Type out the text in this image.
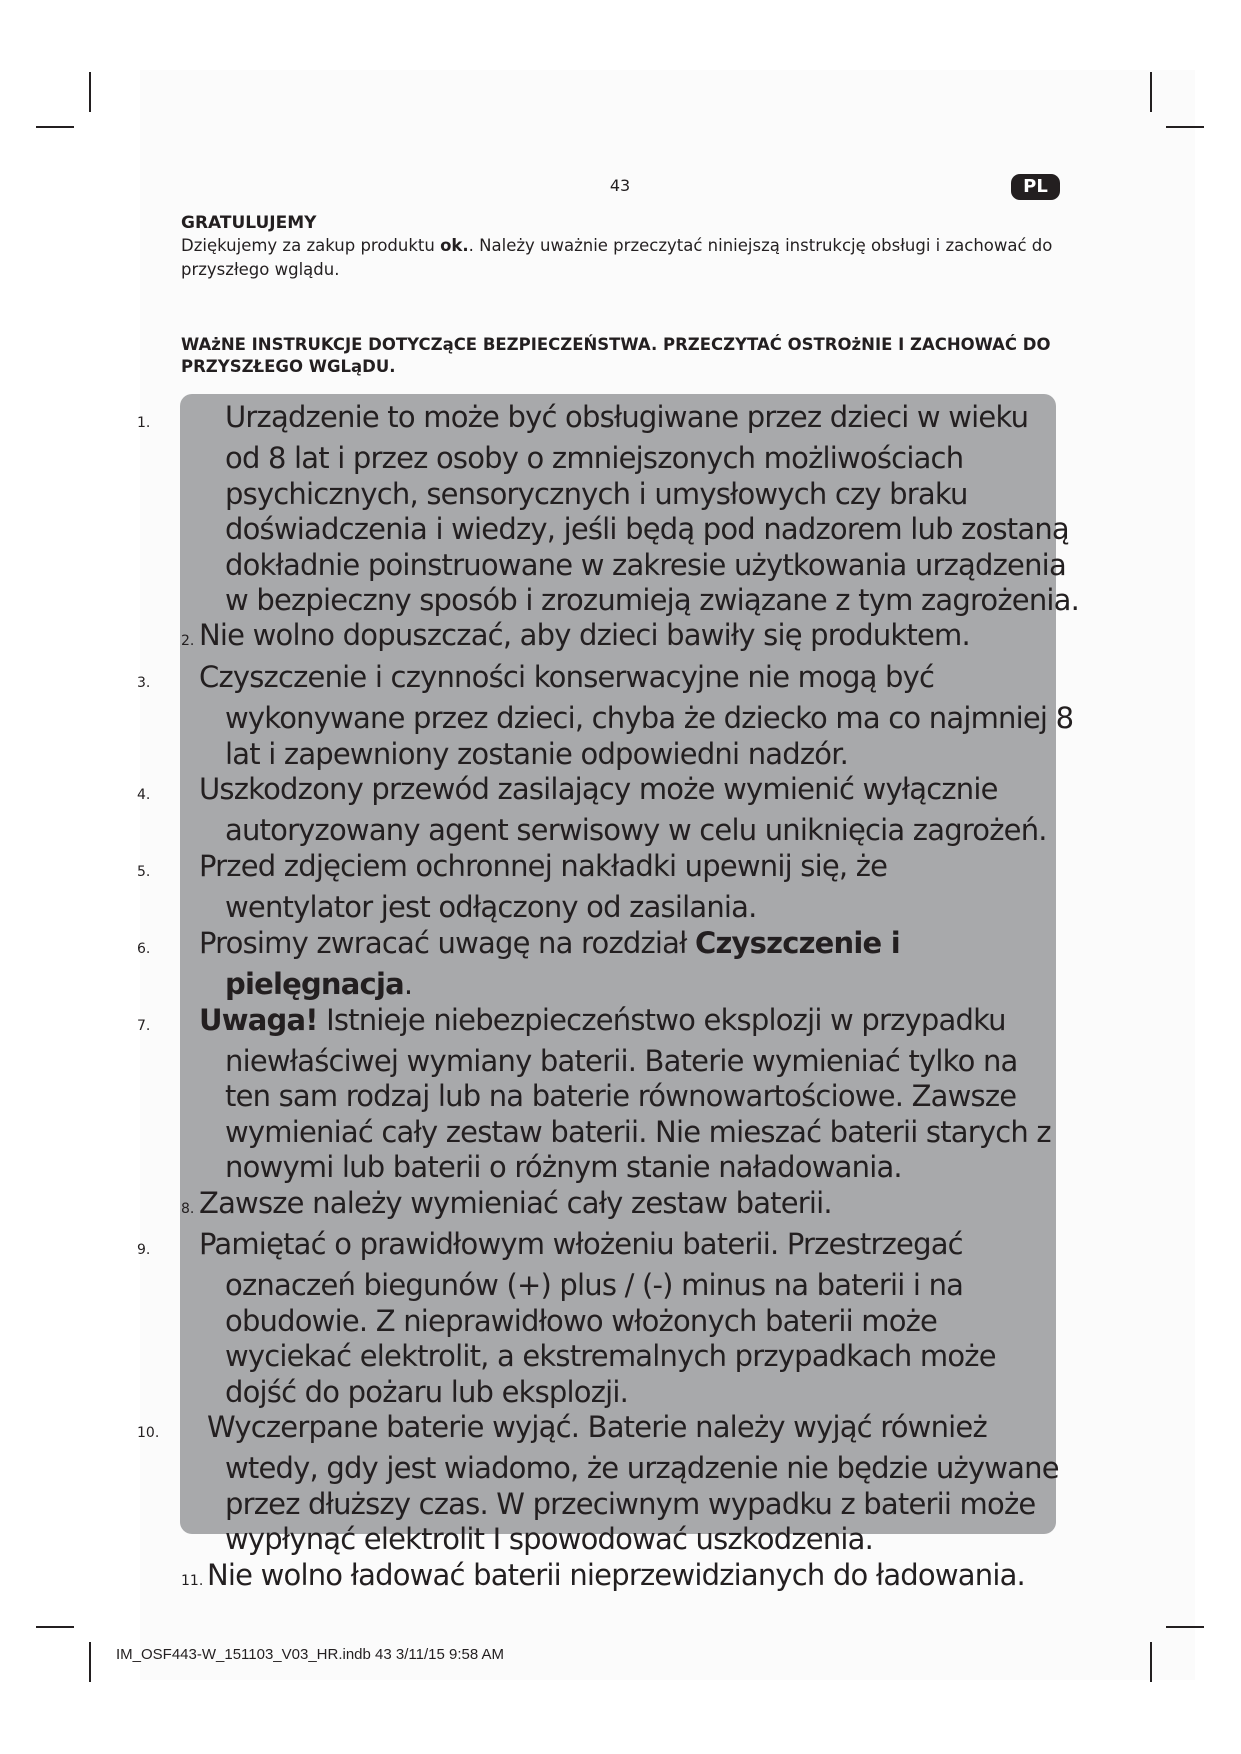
43	PL
GRATULUJEMY
Dziękujemy za zakup produktu ok.. Należy uważnie przeczytać niniejszą instrukcję obsługi i zachować do przyszłego wglądu.
WAżNE INSTRUKCJE DOTYCZąCE BEZPIECZEŃSTWA. PRZECZYTAĆ OSTROżNIE I ZACHOWAĆ DO PRZYSZŁEGO WGLąDU.
1.	Urządzenie to może być obsługiwane przez dzieci w wieku
od 8 lat i przez osoby o zmniejszonych możliwościach
psychicznych, sensorycznych i umysłowych czy braku
doświadczenia i wiedzy, jeśli będą pod nadzorem lub zostaną
dokładnie poinstruowane w zakresie użytkowania urządzenia
w bezpieczny sposób i zrozumieją związane z tym zagrożenia.
2. Nie wolno dopuszczać, aby dzieci bawiły się produktem.
3. Czyszczenie i czynności konserwacyjne nie mogą być
wykonywane przez dzieci, chyba że dziecko ma co najmniej 8
lat i zapewniony zostanie odpowiedni nadzór.
4. Uszkodzony przewód zasilający może wymienić wyłącznie
autoryzowany agent serwisowy w celu uniknięcia zagrożeń.
5. Przed zdjęciem ochronnej nakładki upewnij się, że
wentylator jest odłączony od zasilania.
6. Prosimy zwracać uwagę na rozdział Czyszczenie i
pielęgnacja.
7. Uwaga! Istnieje niebezpieczeństwo eksplozji w przypadku
niewłaściwej wymiany baterii. Baterie wymieniać tylko na
ten sam rodzaj lub na baterie równowartościowe. Zawsze
wymieniać cały zestaw baterii. Nie mieszać baterii starych z
nowymi lub baterii o różnym stanie naładowania.
8. Zawsze należy wymieniać cały zestaw baterii.
9. Pamiętać o prawidłowym włożeniu baterii. Przestrzegać
oznaczeń biegunów (+) plus / (-) minus na baterii i na
obudowie. Z nieprawidłowo włożonych baterii może
wyciekać elektrolit, a ekstremalnych przypadkach może
dojść do pożaru lub eksplozji.
10. Wyczerpane baterie wyjąć. Baterie należy wyjąć również
wtedy, gdy jest wiadomo, że urządzenie nie będzie używane
przez dłuższy czas. W przeciwnym wypadku z baterii może
wypłynąć elektrolit I spowodować uszkodzenia.
11. Nie wolno ładować baterii nieprzewidzianych do ładowania.
IM_OSF443-W_151103_V03_HR.indb 43 3/11/15 9:58 AM
